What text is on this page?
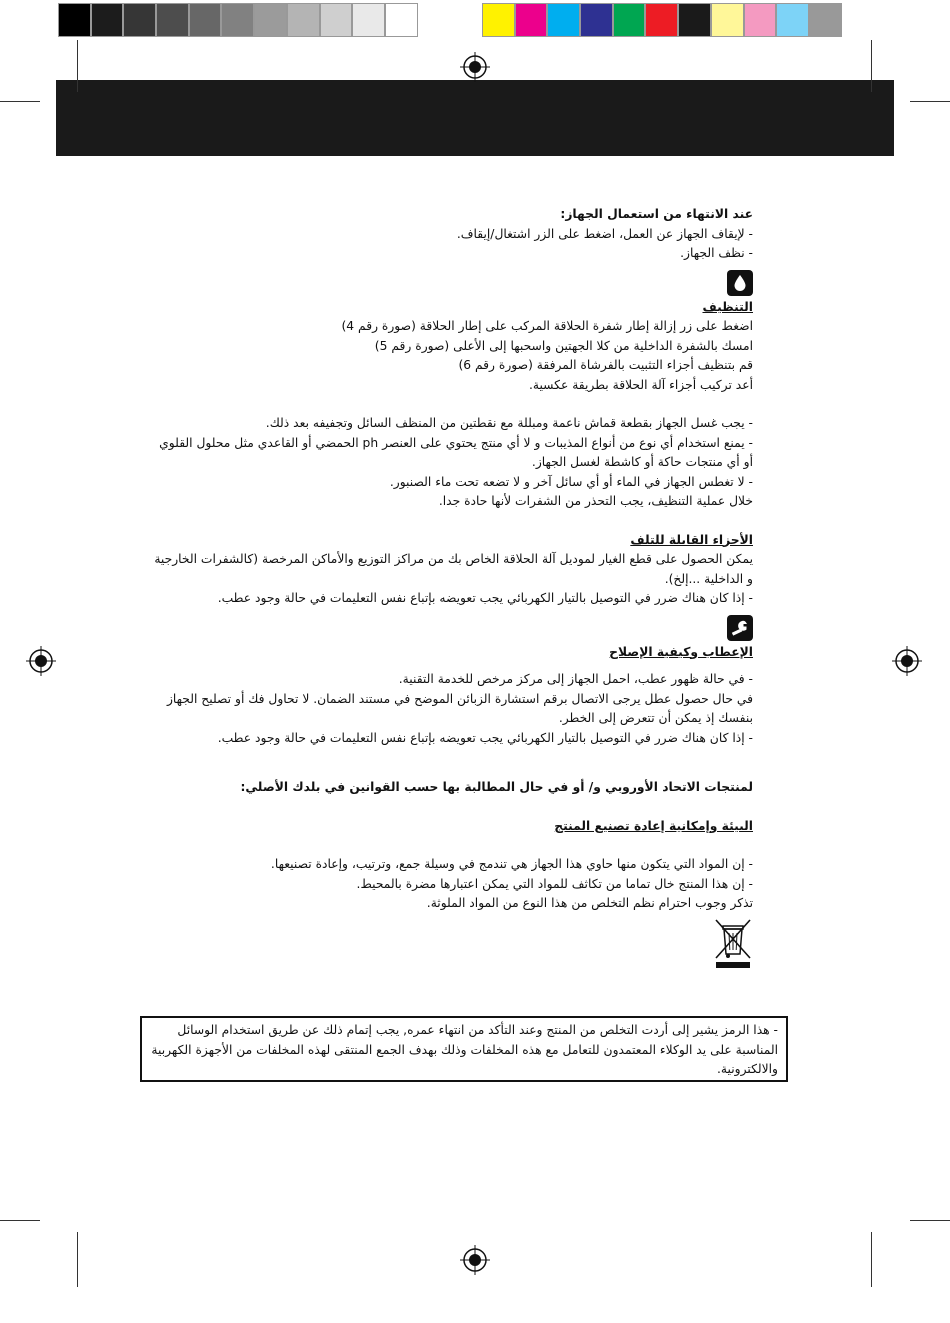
عند الانتهاء من استعمال الجهاز:

- لإيقاف الجهاز عن العمل، اضغط على الزر اشتغال/إيقاف.

- نظف الجهاز.

التنظيف

اضغط على زر إزالة إطار شفرة الحلاقة المركب على إطار الحلاقة (صورة رقم 4)

امسك بالشفرة الداخلية من كلا الجهتين واسحبها إلى الأعلى (صورة رقم 5)

قم بتنظيف أجزاء التثبيت بالفرشاة المرفقة (صورة رقم 6)

أعد تركيب أجزاء آلة الحلاقة بطريقة عكسية.

- يجب غسل الجهاز بقطعة قماش ناعمة ومبللة مع نقطتين من المنظف السائل وتجفيفه بعد ذلك.

- يمنع استخدام أي نوع من أنواع المذيبات و لا أي منتج يحتوي على العنصر ph الحمضي أو القاعدي مثل محلول القلوي أو أي منتجات حاكة أو كاشطة لغسل الجهاز.

- لا تغطس الجهاز في الماء أو أي سائل آخر و لا تضعه تحت ماء الصنبور.

خلال عملية التنظيف، يجب التحذر من الشفرات لأنها حادة جدا.

الأجزاء القابلة للتلف

يمكن الحصول على قطع الغيار لموديل آلة الحلاقة الخاص بك من مراكز التوزيع والأماكن المرخصة (كالشفرات الخارجية و الداخلية ...إلخ).

- إذا كان هناك ضرر في التوصيل بالتيار الكهربائي يجب تعويضه بإتباع نفس التعليمات في حالة وجود عطب.

الإعطاب وكيفية الإصلاح

- في حالة ظهور عطب، احمل الجهاز إلى مركز مرخص للخدمة التقنية.

في حال حصول عطل يرجى الاتصال برقم استشارة الزبائن الموضح في مستند الضمان. لا تحاول فك أو تصليح الجهاز بنفسك إذ يمكن أن تتعرض إلى الخطر.

- إذا كان هناك ضرر في التوصيل بالتيار الكهربائي يجب تعويضه بإتباع نفس التعليمات في حالة وجود عطب.

لمنتجات الاتحاد الأوروبي و/ أو في حال المطالبة بها حسب القوانين في بلدك الأصلي:

البيئة وإمكانية إعادة تصنيع المنتج

- إن المواد التي يتكون منها حاوي هذا الجهاز هي تندمج في وسيلة جمع، وترتيب، وإعادة تصنيعها.

- إن هذا المنتج خال تماما من تكاثف للمواد التي يمكن اعتبارها مضرة بالمحيط.

تذكر وجوب احترام نظم التخلص من هذا النوع من المواد الملوثة.

- هذا الرمز يشير إلى أردت التخلص من المنتج وعند التأكد من انتهاء عمره, يجب إتمام ذلك عن طريق استخدام الوسائل المناسبة على يد الوكلاء المعتمدون للتعامل مع هذه المخلفات وذلك بهدف الجمع المنتقى لهذه المخلفات من الأجهزة الكهربية والالكترونية.
